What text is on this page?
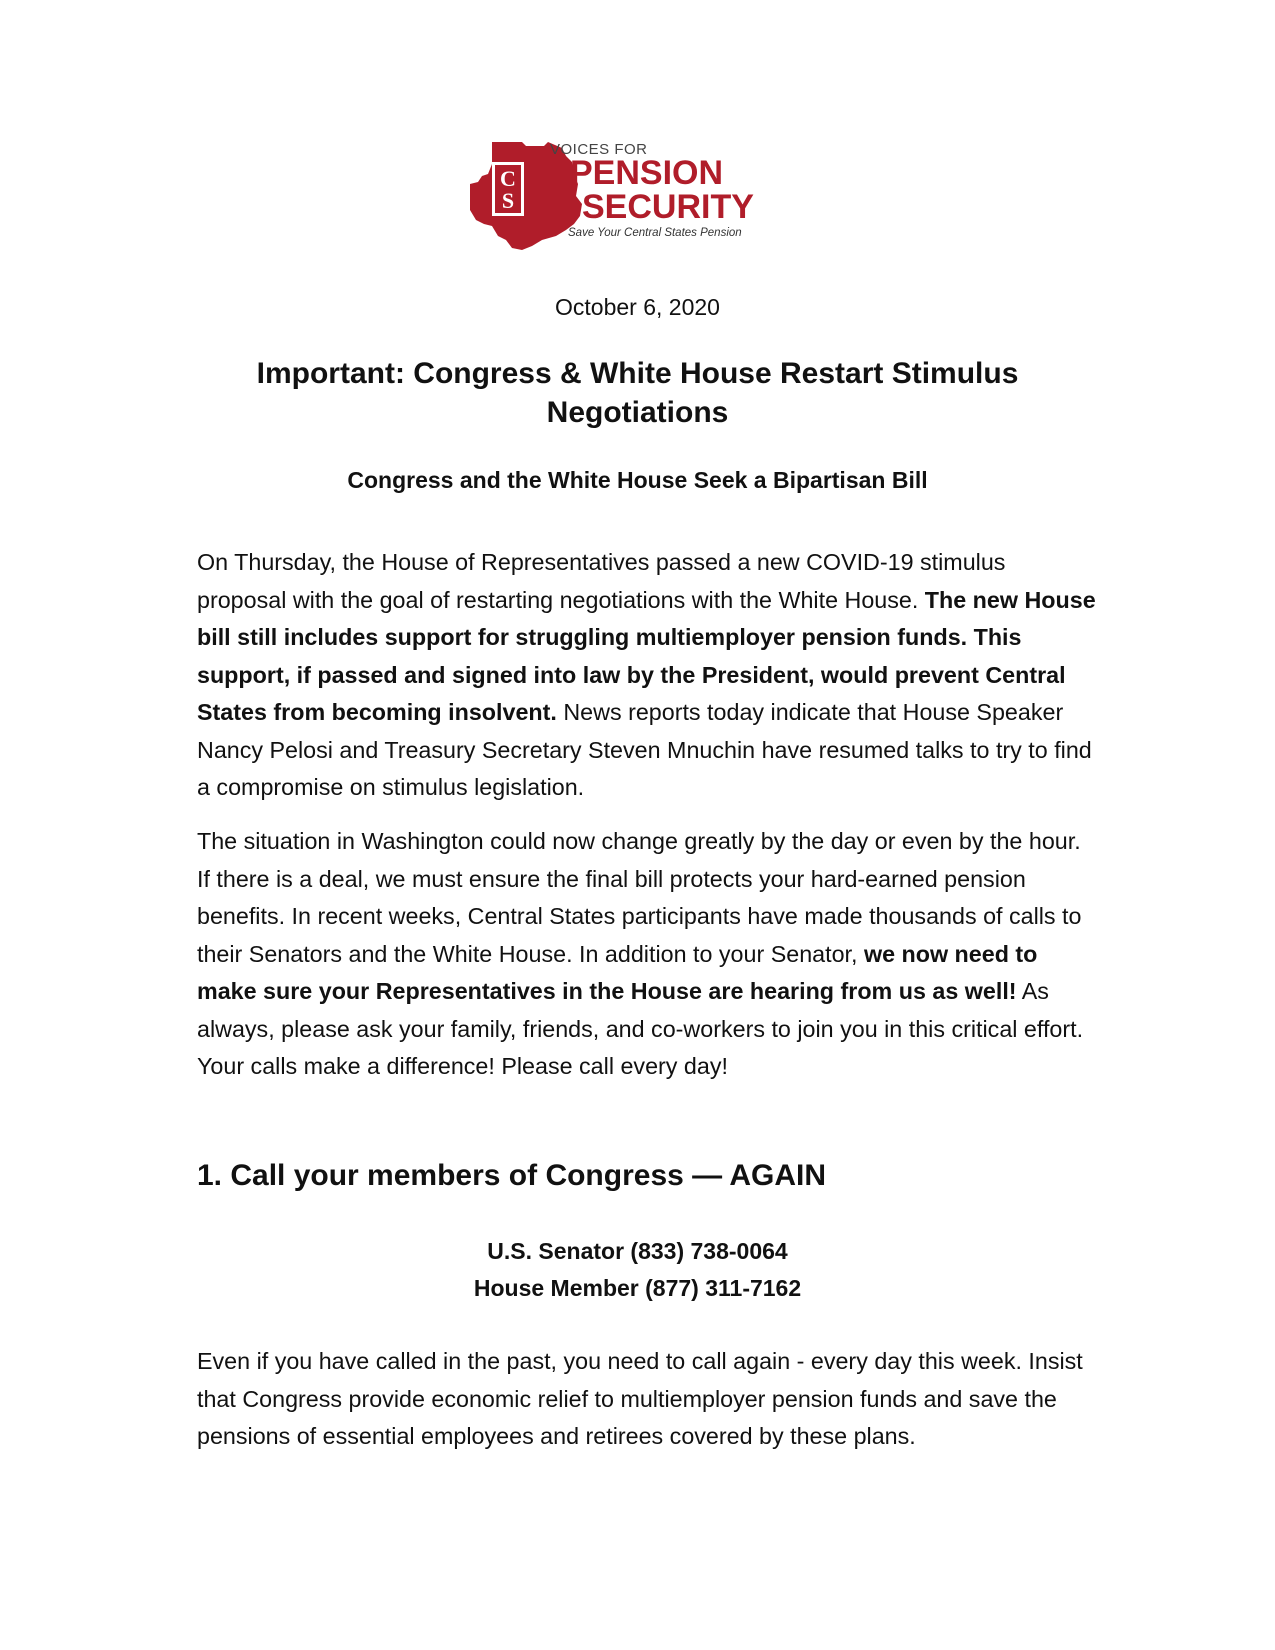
C
S
VOICES FOR
PENSION
SECURITY
Save Your Central States Pension
October 6, 2020
Important: Congress & White House Restart Stimulus Negotiations
Congress and the White House Seek a Bipartisan Bill

On Thursday, the House of Representatives passed a new COVID-19 stimulus proposal with the goal of restarting negotiations with the White House. The new House bill still includes support for struggling multiemployer pension funds. This support, if passed and signed into law by the President, would prevent Central States from becoming insolvent. News reports today indicate that House Speaker Nancy Pelosi and Treasury Secretary Steven Mnuchin have resumed talks to try to find a compromise on stimulus legislation.

The situation in Washington could now change greatly by the day or even by the hour. If there is a deal, we must ensure the final bill protects your hard-earned pension benefits. In recent weeks, Central States participants have made thousands of calls to their Senators and the White House. In addition to your Senator, we now need to make sure your Representatives in the House are hearing from us as well! As always, please ask your family, friends, and co-workers to join you in this critical effort. Your calls make a difference! Please call every day!

1. Call your members of Congress — AGAIN
U.S. Senator (833) 738-0064
House Member (877) 311-7162

Even if you have called in the past, you need to call again - every day this week. Insist that Congress provide economic relief to multiemployer pension funds and save the pensions of essential employees and retirees covered by these plans.
